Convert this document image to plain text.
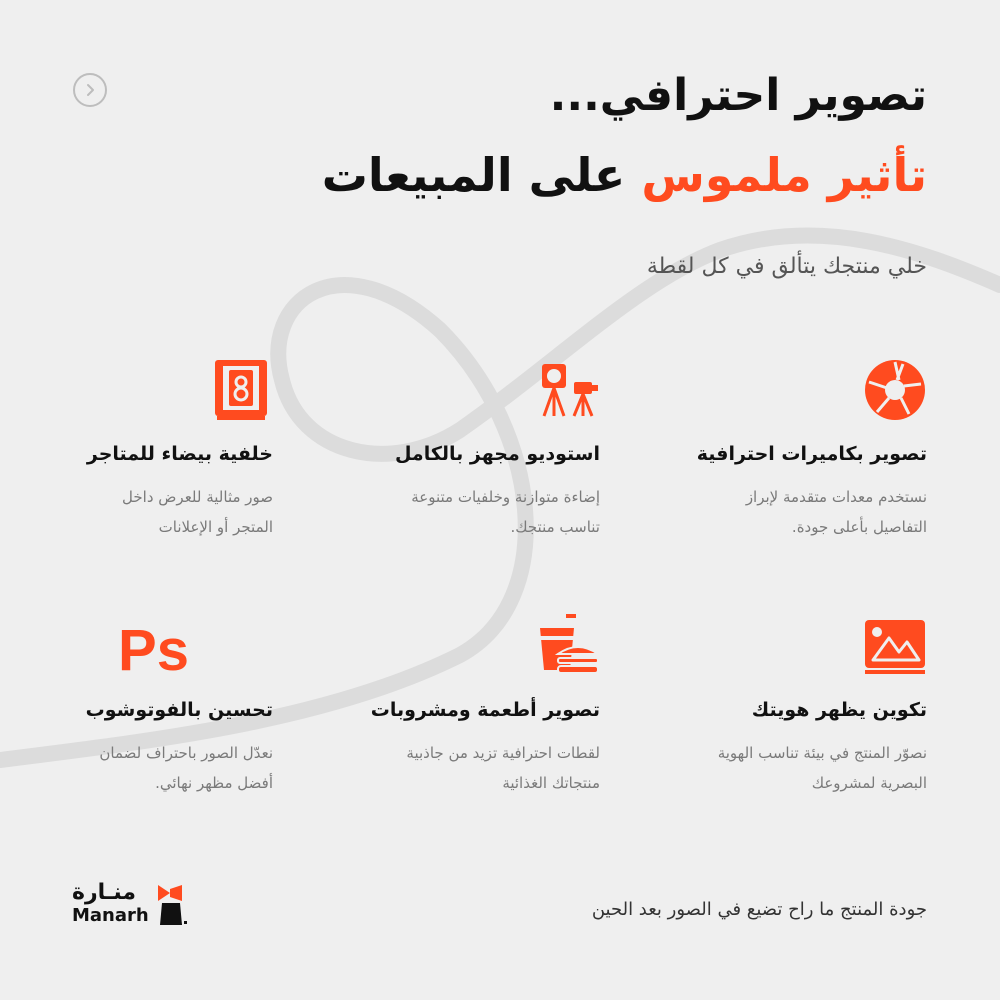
تصوير احترافي...
تأثير ملموس على المبيعات
خلي منتجك يتألق في كل لقطة
تصوير بكاميرات احترافية

نستخدم معدات متقدمة لإبراز
التفاصيل بأعلى جودة.

استوديو مجهز بالكامل

إضاءة متوازنة وخلفيات متنوعة
تناسب منتجك.

خلفية بيضاء للمتاجر

صور مثالية للعرض داخل
المتجر أو الإعلانات

تكوين يظهر هويتك

نصوّر المنتج في بيئة تناسب الهوية
البصرية لمشروعك

تصوير أطعمة ومشروبات

لقطات احترافية تزيد من جاذبية
منتجاتك الغذائية

Ps
تحسين بالفوتوشوب

نعدّل الصور باحتراف لضمان
أفضل مظهر نهائي.

منـارة
Manarh	جودة المنتج ما راح تضيع في الصور بعد الحين
